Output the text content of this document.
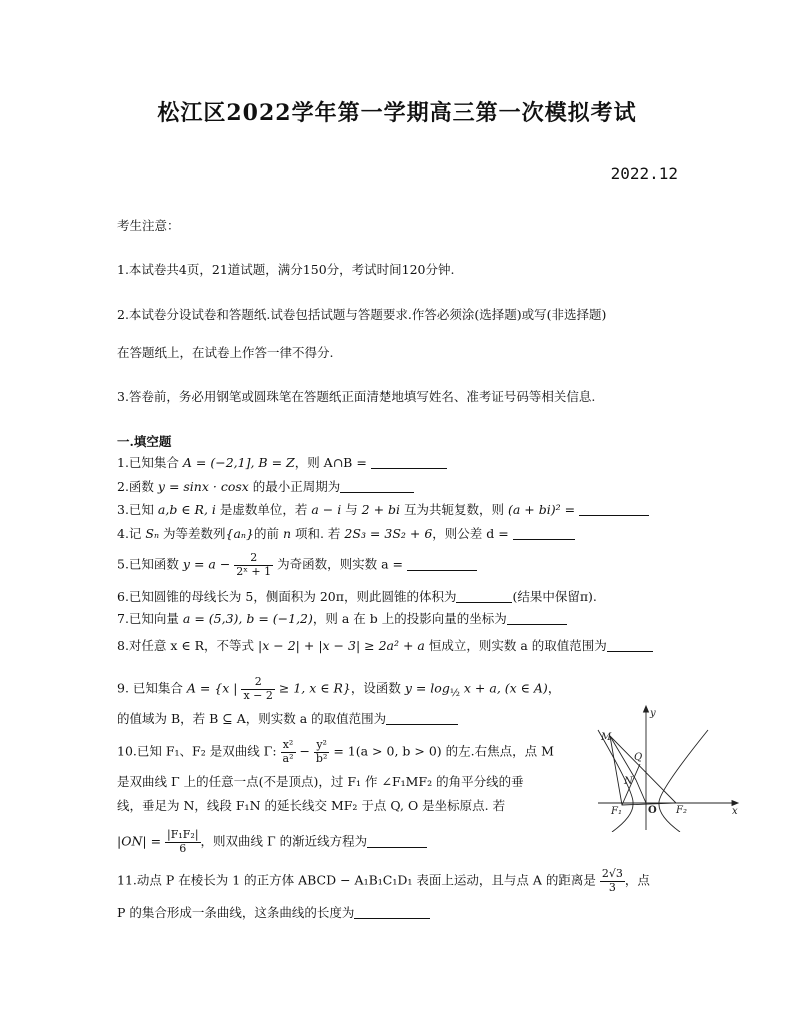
松江区2022学年第一学期高三第一次模拟考试
2022.12
考生注意：
1.本试卷共4页，21道试题，满分150分，考试时间120分钟.
2.本试卷分设试卷和答题纸.试卷包括试题与答题要求.作答必须涂(选择题)或写(非选择题)
在答题纸上，在试卷上作答一律不得分.
3.答卷前，务必用钢笔或圆珠笔在答题纸正面清楚地填写姓名、准考证号码等相关信息.
一.填空题
1.已知集合 A = (−2,1], B = Z，则 A∩B =
2.函数 y = sinx · cosx 的最小正周期为
3.已知 a,b ∈ R, i 是虚数单位，若 a − i 与 2 + bi 互为共轭复数，则 (a + bi)² =
4.记 Sₙ 为等差数列{aₙ}的前 n 项和. 若 2S₃ = 3S₂ + 6，则公差 d =
5.已知函数 $y = a - \frac{2}{\text{2ˣ + 1}}$ 为奇函数，则实数 a =
6.已知圆锥的母线长为 5，侧面积为 20π，则此圆锥的体积为	(结果中保留π).
7.已知向量 a = (5,3), b = (−1,2)，则 a 在 b 上的投影向量的坐标为
8.对任意 x ∈ R，不等式 |x − 2| + |x − 3| ≥ 2a² + a 恒成立，则实数 a 的取值范围为
9. 已知集合 A = {x | $\frac{2}{x - 2} \ge 1$, x ∈ R}，设函数 $y = \log_{\frac{1}{2}} x + a$, (x ∈ A)，
的值域为 B，若 B ⊆ A，则实数 a 的取值范围为
10.已知 F₁、F₂ 是双曲线 Γ: $\frac{\text{x²}}{\text{a²}} - \frac{\text{y²}}{\text{b²}} = 1(a > 0$, b > 0) 的左.右焦点，点 M
是双曲线 Γ 上的任意一点(不是顶点)，过 F₁ 作 ∠F₁MF₂ 的角平分线的垂
线，垂足为 N，线段 F₁N 的延长线交 MF₂ 于点 Q, O 是坐标原点. 若
$|ON| = \frac{\text{|F₁F₂|}}{6}$ ，则双曲线 Γ 的渐近线方程为
11.动点 P 在棱长为 1 的正方体 ABCD − A₁B₁C₁D₁ 表面上运动，且与点 A 的距离是 $\frac{2√3}{3}$ ，点
P 的集合形成一条曲线，这条曲线的长度为
y
x
M
Q
N
F₁	O F₂
